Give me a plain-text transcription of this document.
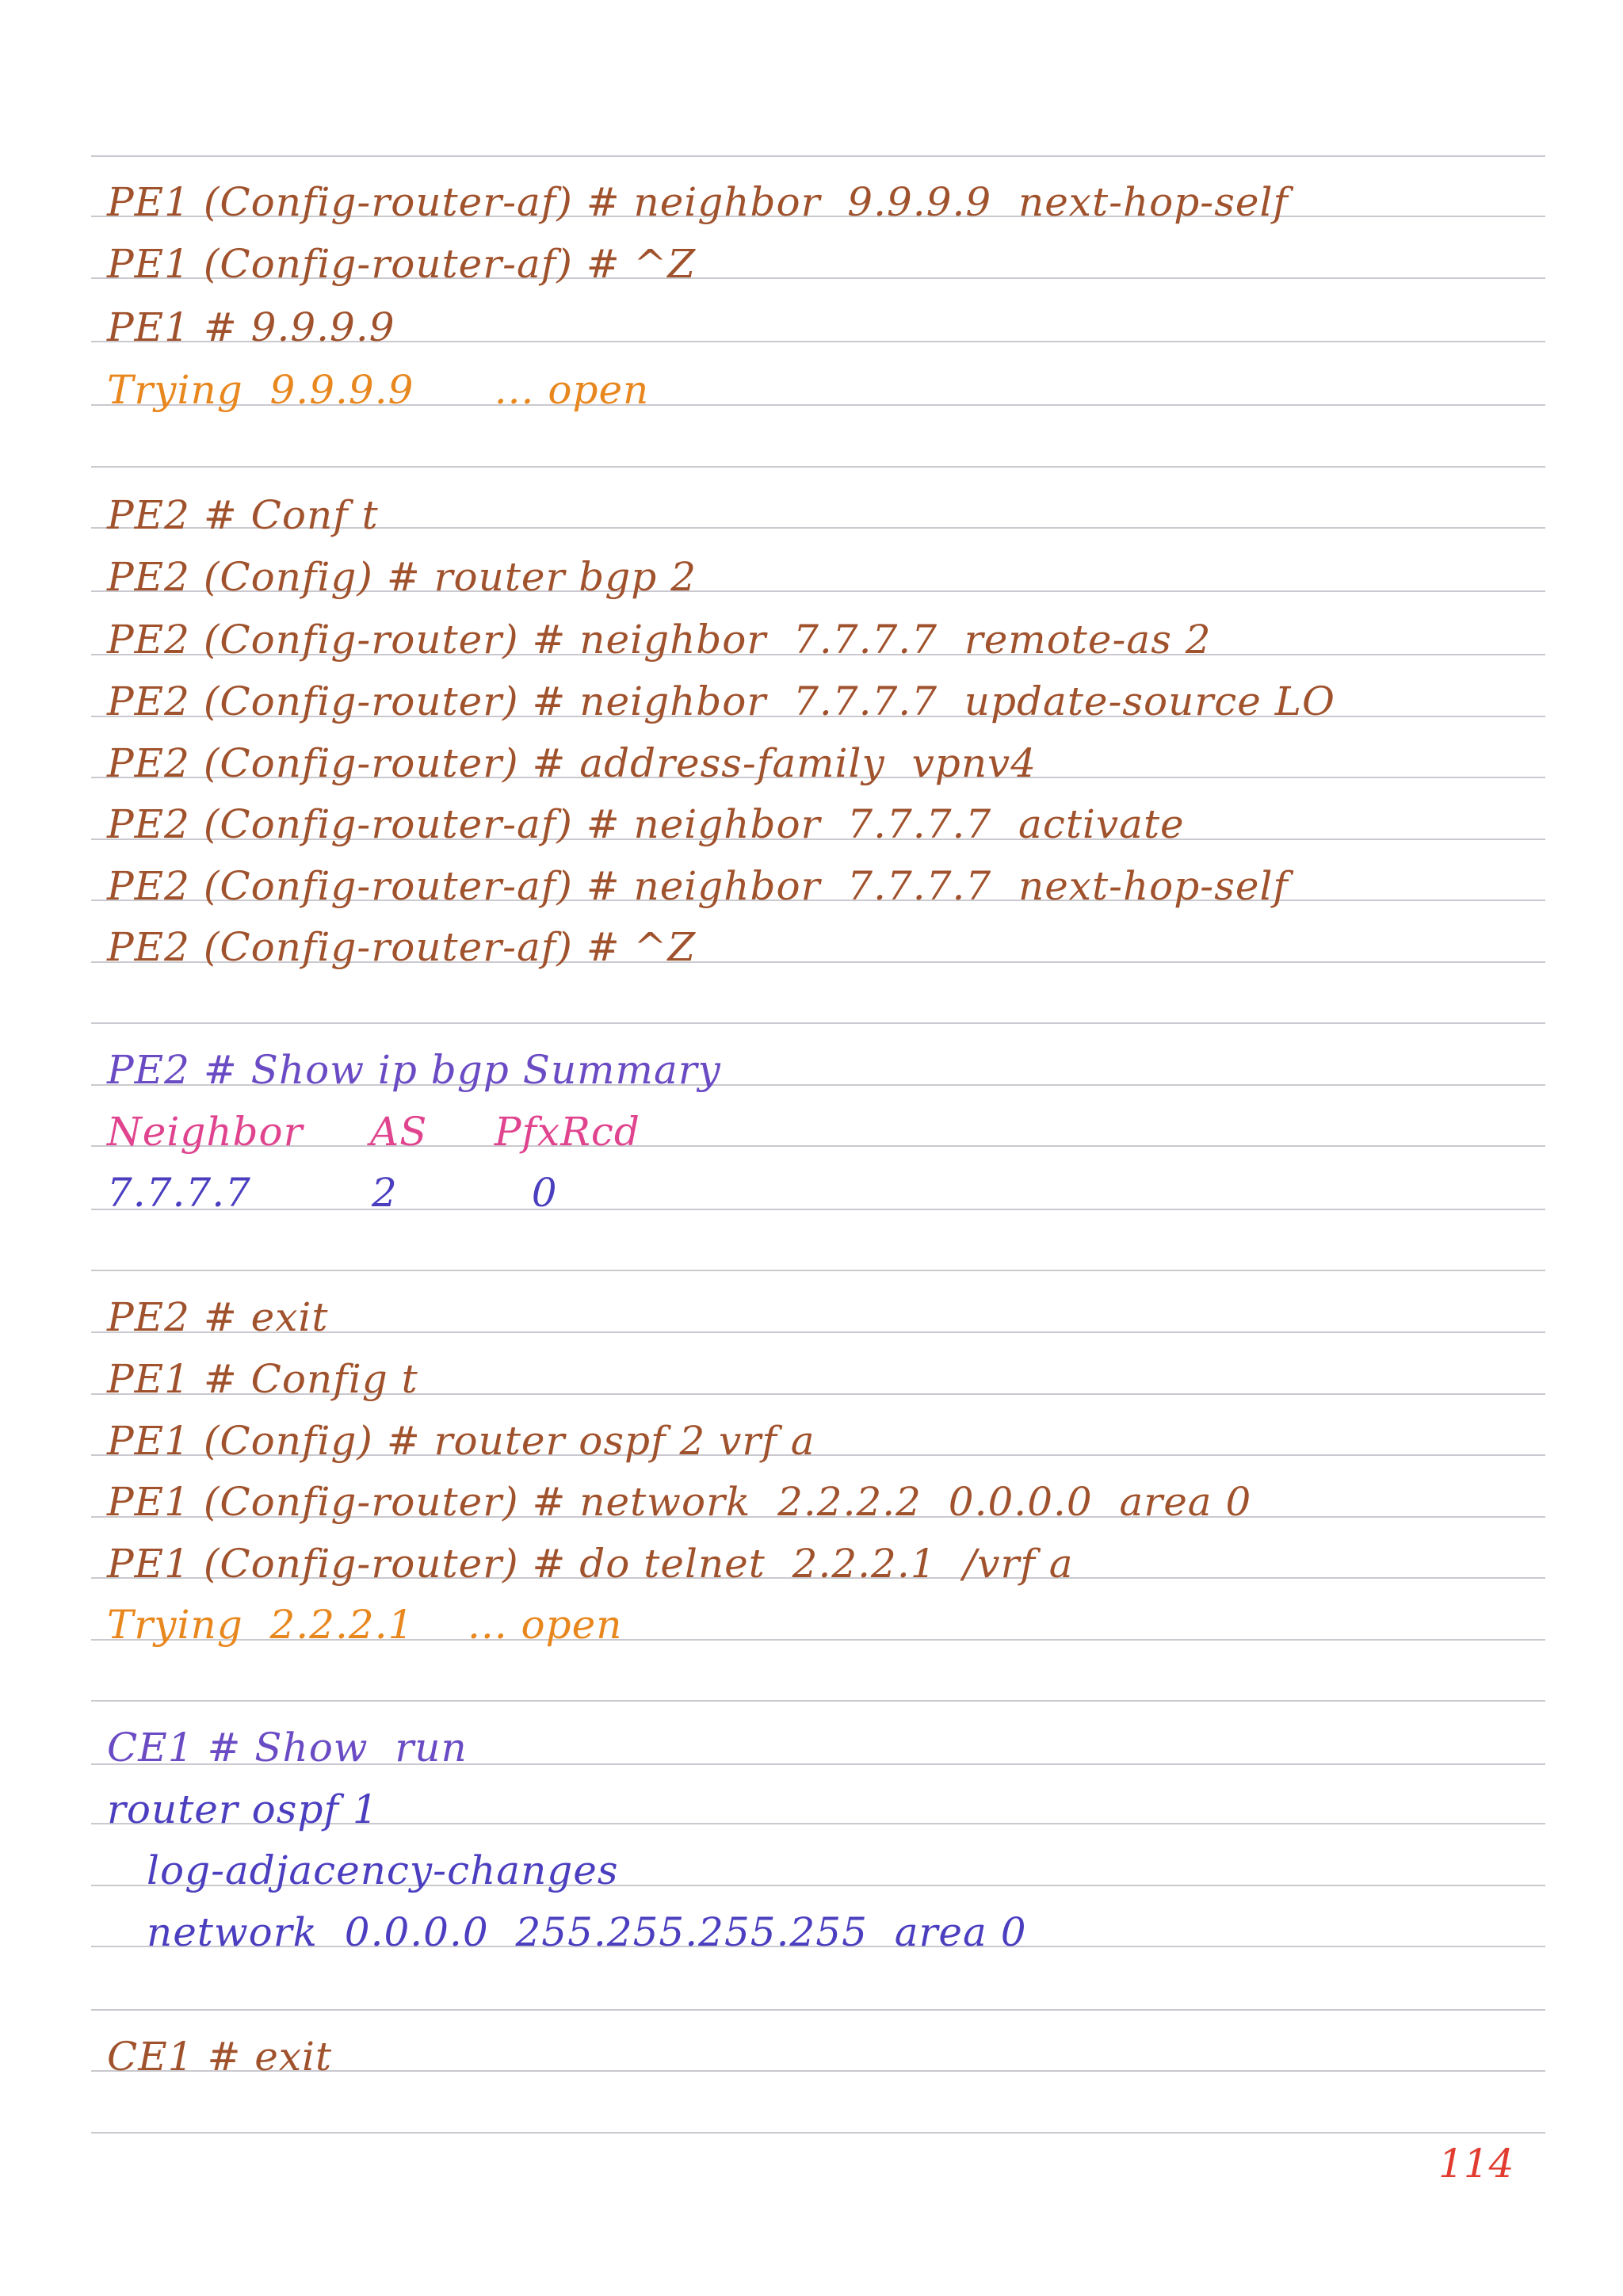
PE1 (Config-router-af) # neighbor  9.9.9.9  next-hop-self
PE1 (Config-router-af) # ^Z
PE1 # 9.9.9.9
Trying  9.9.9.9      ... open
PE2 # Conf t
PE2 (Config) # router bgp 2
PE2 (Config-router) # neighbor  7.7.7.7  remote-as 2
PE2 (Config-router) # neighbor  7.7.7.7  update-source LO
PE2 (Config-router) # address-family  vpnv4
PE2 (Config-router-af) # neighbor  7.7.7.7  activate
PE2 (Config-router-af) # neighbor  7.7.7.7  next-hop-self
PE2 (Config-router-af) # ^Z
PE2 # Show ip bgp Summary
Neighbor     AS     PfxRcd
7.7.7.7         2          0
PE2 # exit
PE1 # Config t
PE1 (Config) # router ospf 2 vrf a
PE1 (Config-router) # network  2.2.2.2  0.0.0.0  area 0
PE1 (Config-router) # do telnet  2.2.2.1  /vrf a
Trying  2.2.2.1    ... open
CE1 # Show  run
router ospf 1
log-adjacency-changes
network  0.0.0.0  255.255.255.255  area 0
CE1 # exit
114
